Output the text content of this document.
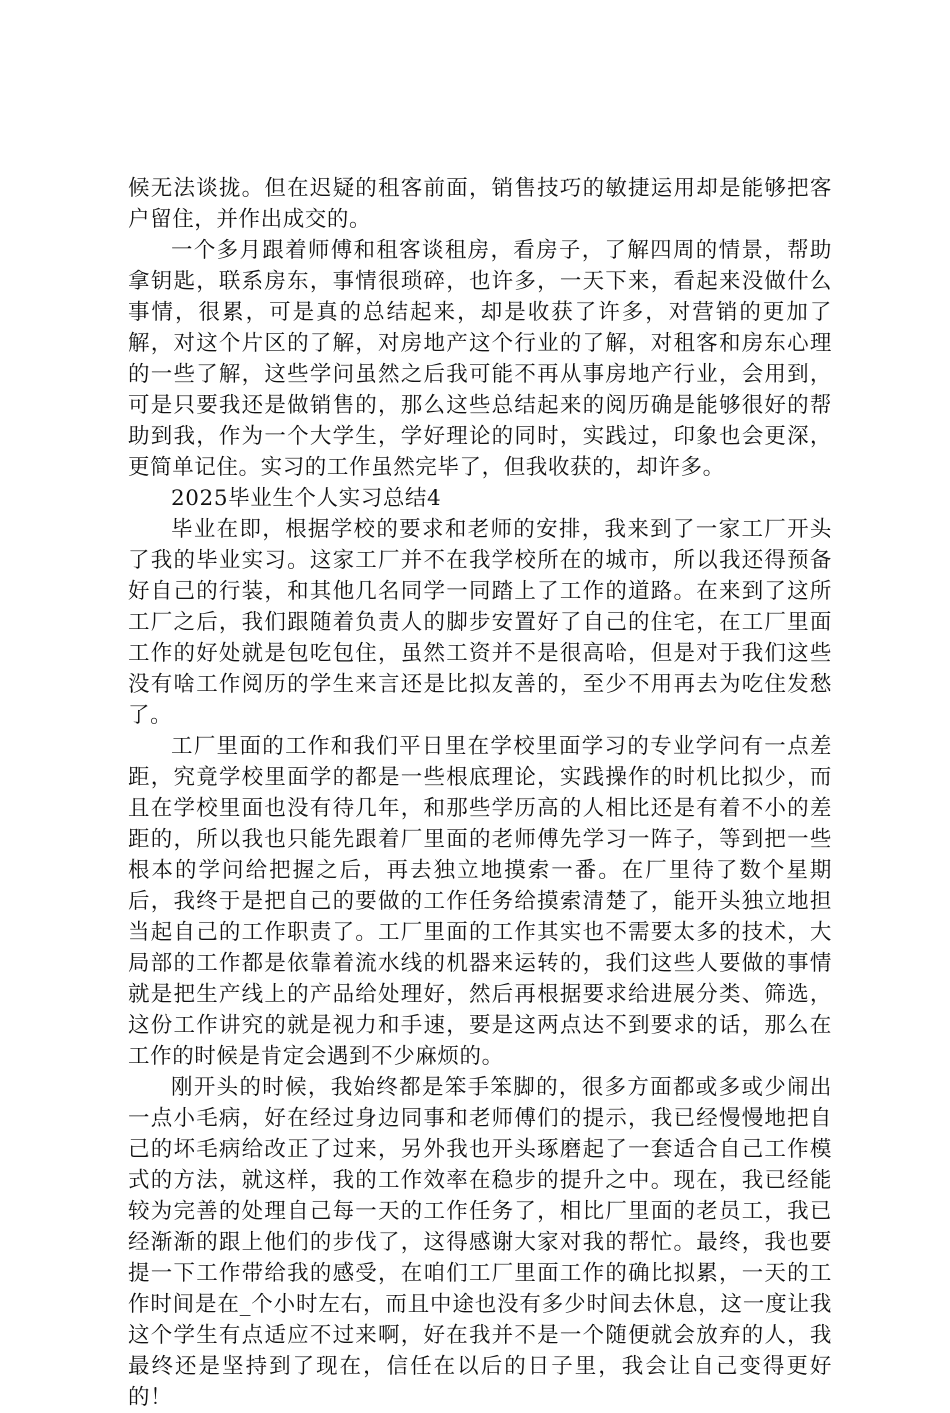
候无法谈拢。但在迟疑的租客前面，销售技巧的敏捷运用却是能够把客户留住，并作出成交的。

一个多月跟着师傅和租客谈租房，看房子，了解四周的情景，帮助拿钥匙，联系房东，事情很琐碎，也许多，一天下来，看起来没做什么事情，很累，可是真的总结起来，却是收获了许多，对营销的更加了解，对这个片区的了解，对房地产这个行业的了解，对租客和房东心理的一些了解，这些学问虽然之后我可能不再从事房地产行业，会用到，可是只要我还是做销售的，那么这些总结起来的阅历确是能够很好的帮助到我，作为一个大学生，学好理论的同时，实践过，印象也会更深，更简单记住。实习的工作虽然完毕了，但我收获的，却许多。

2025毕业生个人实习总结4

毕业在即，根据学校的要求和老师的安排，我来到了一家工厂开头了我的毕业实习。这家工厂并不在我学校所在的城市，所以我还得预备好自己的行装，和其他几名同学一同踏上了工作的道路。在来到了这所工厂之后，我们跟随着负责人的脚步安置好了自己的住宅，在工厂里面工作的好处就是包吃包住，虽然工资并不是很高哈，但是对于我们这些没有啥工作阅历的学生来言还是比拟友善的，至少不用再去为吃住发愁了。

工厂里面的工作和我们平日里在学校里面学习的专业学问有一点差距，究竟学校里面学的都是一些根底理论，实践操作的时机比拟少，而且在学校里面也没有待几年，和那些学历高的人相比还是有着不小的差距的，所以我也只能先跟着厂里面的老师傅先学习一阵子，等到把一些根本的学问给把握之后，再去独立地摸索一番。在厂里待了数个星期后，我终于是把自己的要做的工作任务给摸索清楚了，能开头独立地担当起自己的工作职责了。工厂里面的工作其实也不需要太多的技术，大局部的工作都是依靠着流水线的机器来运转的，我们这些人要做的事情就是把生产线上的产品给处理好，然后再根据要求给进展分类、筛选，这份工作讲究的就是视力和手速，要是这两点达不到要求的话，那么在工作的时候是肯定会遇到不少麻烦的。

刚开头的时候，我始终都是笨手笨脚的，很多方面都或多或少闹出一点小毛病，好在经过身边同事和老师傅们的提示，我已经慢慢地把自己的坏毛病给改正了过来，另外我也开头琢磨起了一套适合自己工作模式的方法，就这样，我的工作效率在稳步的提升之中。现在，我已经能较为完善的处理自己每一天的工作任务了，相比厂里面的老员工，我已经渐渐的跟上他们的步伐了，这得感谢大家对我的帮忙。最终，我也要提一下工作带给我的感受，在咱们工厂里面工作的确比拟累，一天的工作时间是在_个小时左右，而且中途也没有多少时间去休息，这一度让我这个学生有点适应不过来啊，好在我并不是一个随便就会放弃的人，我最终还是坚持到了现在，信任在以后的日子里，我会让自己变得更好的！
